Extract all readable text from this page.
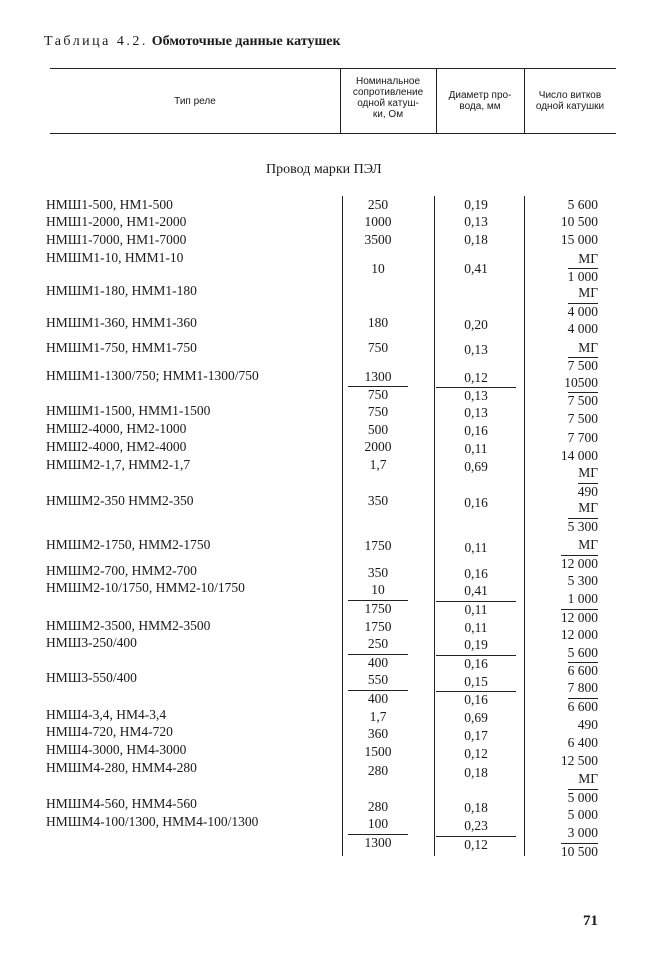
Таблица 4.2. Обмоточные данные катушек
Тип реле
Номинальное
сопротивление
одной катуш-
ки, Ом
Диаметр про-
вода, мм
Число витков
одной катушки
Провод марки ПЭЛ
НМШ1-500, НМ1-500
НМШ1-2000, НМ1-2000
НМШ1-7000, НМ1-7000
НМШМ1-10, НММ1-10
НМШМ1-180, НММ1-180
НМШМ1-360, НММ1-360
НМШМ1-750, НММ1-750
НМШМ1-1300/750; НММ1-1300/750
НМШМ1-1500, НММ1-1500
НМШ2-4000, НМ2-1000
НМШ2-4000, НМ2-4000
НМШМ2-1,7, НММ2-1,7
НМШМ2-350 НММ2-350
НМШМ2-1750, НММ2-1750
НМШМ2-700, НММ2-700
НМШМ2-10/1750, НММ2-10/1750
НМШМ2-3500, НММ2-3500
НМШ3-250/400
НМШ3-550/400
НМШ4-3,4, НМ4-3,4
НМШ4-720, НМ4-720
НМШ4-3000, НМ4-3000
НМШМ4-280, НММ4-280
НМШМ4-560, НММ4-560
НМШМ4-100/1300, НММ4-100/1300
250
1000
3500
10
180
750
1300
750
750
500
2000
1,7
350
1750
350
10
1750
1750
250
400
550
400
1,7
360
1500
280
280
100
1300
0,19
0,13
0,18
0,41
0,20
0,13
0,12
0,13
0,13
0,16
0,11
0,69
0,16
0,11
0,16
0,41
0,11
0,11
0,19
0,16
0,15
0,16
0,69
0,17
0,12
0,18
0,18
0,23
0,12
5 600
10 500
15 000
МГ
1 000
МГ
4 000
4 000
МГ
7 500
10500
7 500
7 500
7 700
14 000
МГ
490
МГ
5 300
МГ
12 000
5 300
1 000
12 000
12 000
5 600
6 600
7 800
6 600
490
6 400
12 500
МГ
5 000
5 000
3 000
10 500
71
